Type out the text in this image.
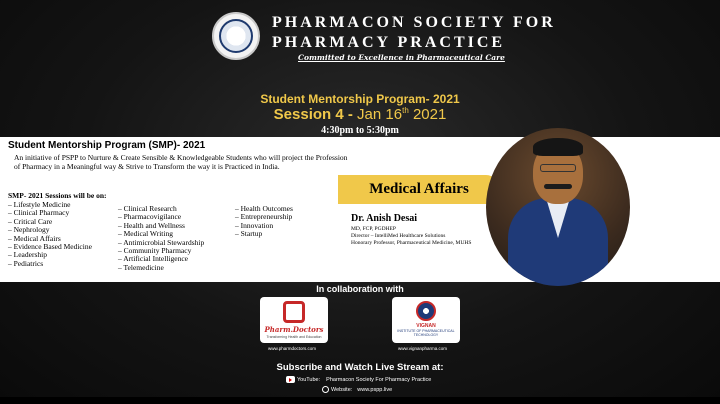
PHARMACON SOCIETY FOR
PHARMACY PRACTICE
Committed to Excellence in Pharmaceutical Care
Student Mentorship Program- 2021
Session 4 - Jan 16th 2021
4:30pm to 5:30pm
Student Mentorship Program (SMP)- 2021
An initiative of PSPP to Nurture & Create Sensible & Knowledgeable Students who will project the Profession of Pharmacy in a Meaningful way & Strive to Transform the way it is Practiced in India.
SMP- 2021 Sessions will be on:
– Lifestyle Medicine
– Clinical Pharmacy
– Critical Care
– Nephrology
– Medical Affairs
– Evidence Based Medicine
– Leadership
– Pediatrics
– Clinical Research
– Pharmacovigilance
– Health and Wellness
– Medical Writing
– Antimicrobial Stewardship
– Community Pharmacy
– Artificial Intelligence
– Telemedicine
– Health Outcomes
– Entrepreneurship
– Innovation
– Startup
Medical Affairs
Dr. Anish Desai
MD, FCP, PGDHEP
Director – IntelliMed Healthcare Solutions
Honorary Professor, Pharmaceutical Medicine, MUHS
In collaboration with
Pharm.Doctors
Transforming Health and Education
www.pharmdoctors.com
VIGNAN
INSTITUTE OF PHARMACEUTICAL TECHNOLOGY
www.vignanpharma.com
Subscribe and Watch Live Stream at:
YouTube: Pharmacon Society For Pharmacy Practice
Website: www.pspp.live
